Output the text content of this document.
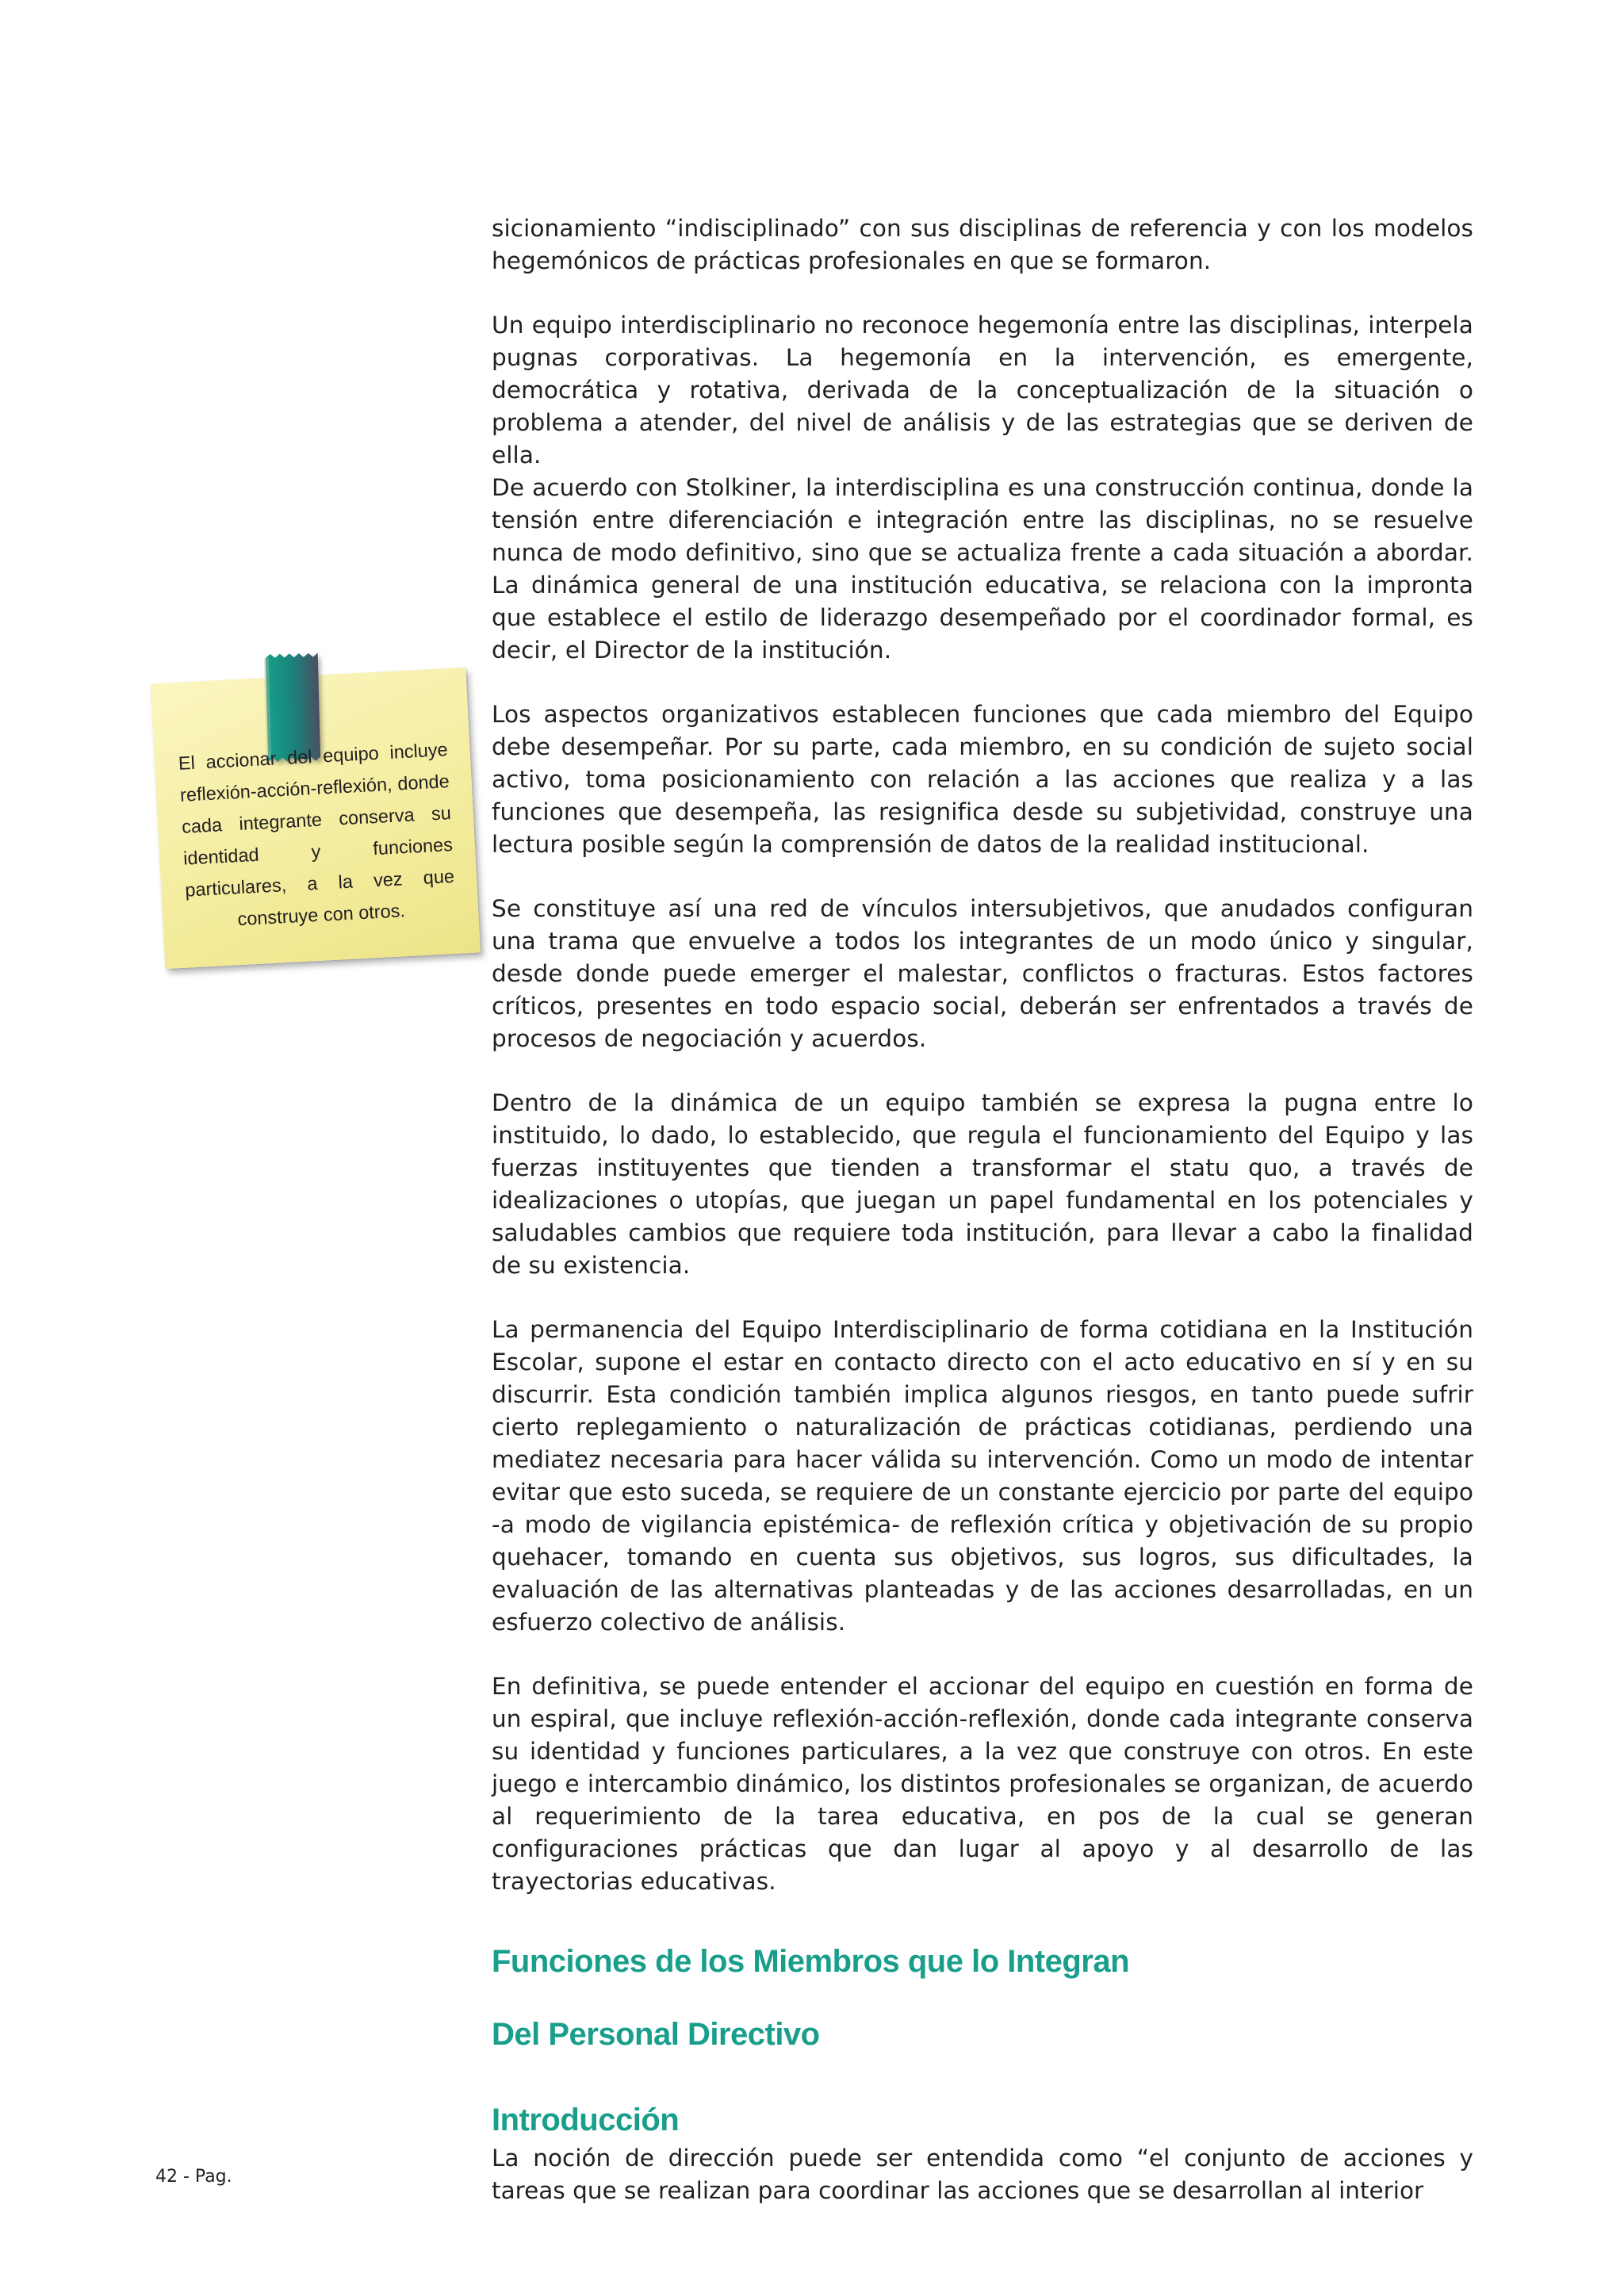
El accionar del equipo incluye reflexión-acción-reflexión, donde cada integrante conserva su identidad y funciones particulares, a la vez que construye con otros.

sicionamiento “indisciplinado” con sus disciplinas de referencia y con los modelos hegemónicos de prácticas profesionales en que se formaron.

Un equipo interdisciplinario no reconoce hegemonía entre las disciplinas, interpela pugnas corporativas. La hegemonía en la intervención, es emergente, democrática y rotativa, derivada de la conceptualización de la situación o problema a atender, del nivel de análisis y de las estrategias que se deriven de ella.

De acuerdo con Stolkiner, la interdisciplina es una construcción continua, donde la tensión entre diferenciación e integración entre las disciplinas, no se resuelve nunca de modo definitivo, sino que se actualiza frente a cada situación a abordar. La dinámica general de una institución educativa, se relaciona con la impronta que establece el estilo de liderazgo desempeñado por el coordinador formal, es decir, el Director de la institución.

Los aspectos organizativos establecen funciones que cada miembro del Equipo debe desempeñar. Por su parte, cada miembro, en su condición de sujeto social activo, toma posicionamiento con relación a las acciones que realiza y a las funciones que desempeña, las resignifica desde su subjetividad, construye una lectura posible según la comprensión de datos de la realidad institucional.

Se constituye así una red de vínculos intersubjetivos, que anudados configuran una trama que envuelve a todos los integrantes de un modo único y singular, desde donde puede emerger el malestar, conflictos o fracturas. Estos factores críticos, presentes en todo espacio social, deberán ser enfrentados a través de procesos de negociación y acuerdos.

Dentro de la dinámica de un equipo también se expresa la pugna entre lo instituido, lo dado, lo establecido, que regula el funcionamiento del Equipo y las fuerzas instituyentes que tienden a transformar el statu quo, a través de idealizaciones o utopías, que juegan un papel fundamental en los potenciales y saludables cambios que requiere toda institución, para llevar a cabo la finalidad de su existencia.

La permanencia del Equipo Interdisciplinario de forma cotidiana en la Institución Escolar, supone el estar en contacto directo con el acto educativo en sí y en su discurrir. Esta condición también implica algunos riesgos, en tanto puede sufrir cierto replegamiento o naturalización de prácticas cotidianas, perdiendo una mediatez necesaria para hacer válida su intervención. Como un modo de intentar evitar que esto suceda, se requiere de un constante ejercicio por parte del equipo -a modo de vigilancia epistémica- de reflexión crítica y objetivación de su propio quehacer, tomando en cuenta sus objetivos, sus logros, sus dificultades, la evaluación de las alternativas planteadas y de las acciones desarrolladas, en un esfuerzo colectivo de análisis.

En definitiva, se puede entender el accionar del equipo en cuestión en forma de un espiral, que incluye reflexión-acción-reflexión, donde cada integrante conserva su identidad y funciones particulares, a la vez que construye con otros. En este juego e intercambio dinámico, los distintos profesionales se organizan, de acuerdo al requerimiento de la tarea educativa, en pos de la cual se generan configuraciones prácticas que dan lugar al apoyo y al desarrollo de las trayectorias educativas.

Funciones de los Miembros que lo Integran
Del Personal Directivo
Introducción

La noción de dirección puede ser entendida como “el conjunto de acciones y tareas que se realizan para coordinar las acciones que se desarrollan al interior

42 - Pag.
